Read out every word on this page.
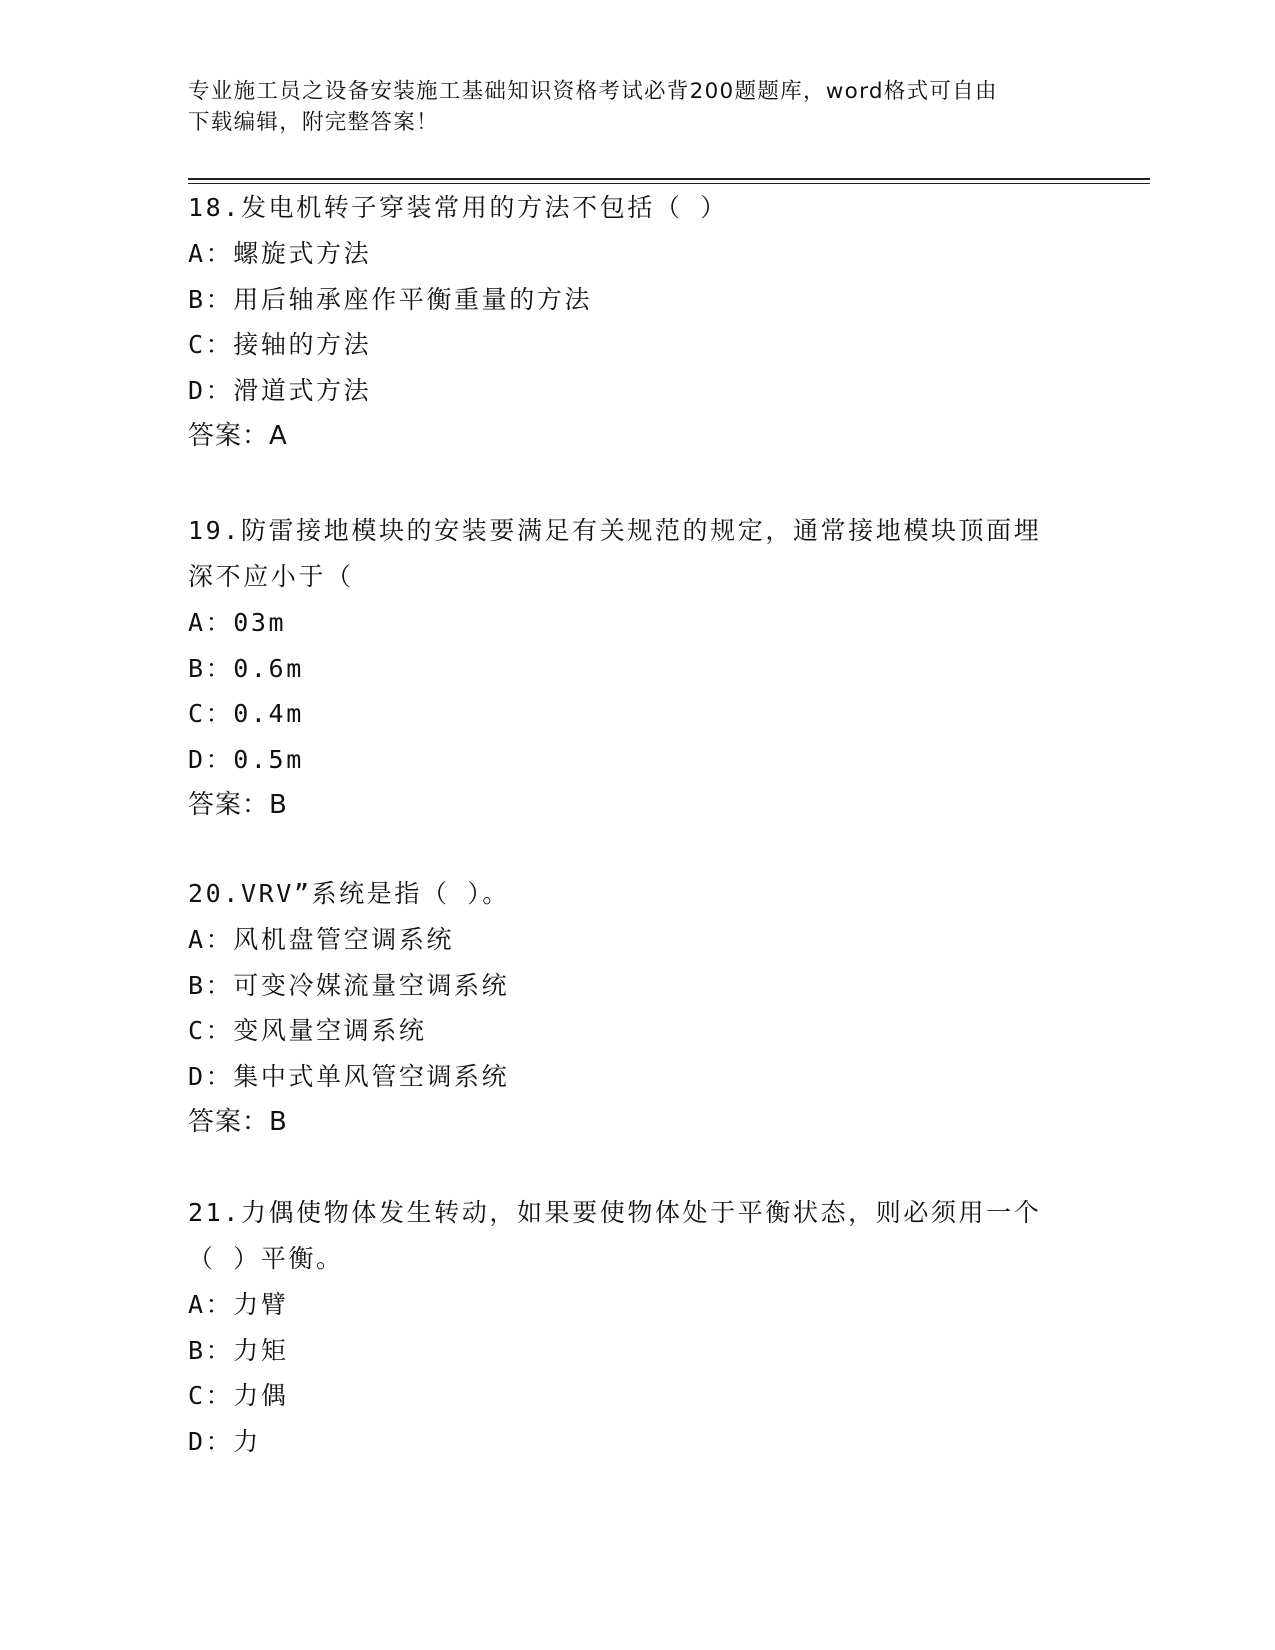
专业施工员之设备安装施工基础知识资格考试必背200题题库，word格式可自由
下载编辑，附完整答案！

18.发电机转子穿装常用的方法不包括（ ）

A：螺旋式方法

B：用后轴承座作平衡重量的方法

C：接轴的方法

D：滑道式方法

答案：A

19.防雷接地模块的安装要满足有关规范的规定，通常接地模块顶面埋
深不应小于（

A：03m

B：0.6m

C：0.4m

D：0.5m

答案：B

20.VRV”系统是指（ ）。

A：风机盘管空调系统

B：可变冷媒流量空调系统

C：变风量空调系统

D：集中式单风管空调系统

答案：B

21.力偶使物体发生转动，如果要使物体处于平衡状态，则必须用一个
（ ）平衡。

A：力臂

B：力矩

C：力偶

D：力
